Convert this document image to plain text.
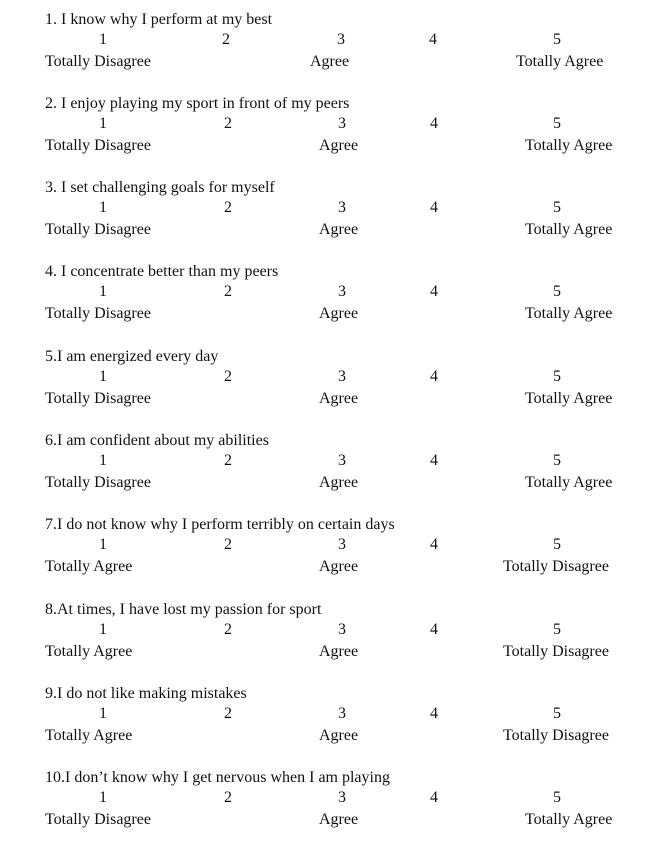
1. I know why I perform at my best
1	2	3	4	5
Totally Disagree	Agree	Totally Agree
2. I enjoy playing my sport in front of my peers
1	2	3	4	5
Totally Disagree	Agree	Totally Agree
3. I set challenging goals for myself
1	2	3	4	5
Totally Disagree	Agree	Totally Agree
4. I concentrate better than my peers
1	2	3	4	5
Totally Disagree	Agree	Totally Agree
5.I am energized every day
1	2	3	4	5
Totally Disagree	Agree	Totally Agree
6.I am confident about my abilities
1	2	3	4	5
Totally Disagree	Agree	Totally Agree
7.I do not know why I perform terribly on certain days
1	2	3	4	5
Totally Agree	Agree	Totally Disagree
8.At times, I have lost my passion for sport
1	2	3	4	5
Totally Agree	Agree	Totally Disagree
9.I do not like making mistakes
1	2	3	4	5
Totally Agree	Agree	Totally Disagree
10.I don’t know why I get nervous when I am playing
1	2	3	4	5
Totally Disagree	Agree	Totally Agree
